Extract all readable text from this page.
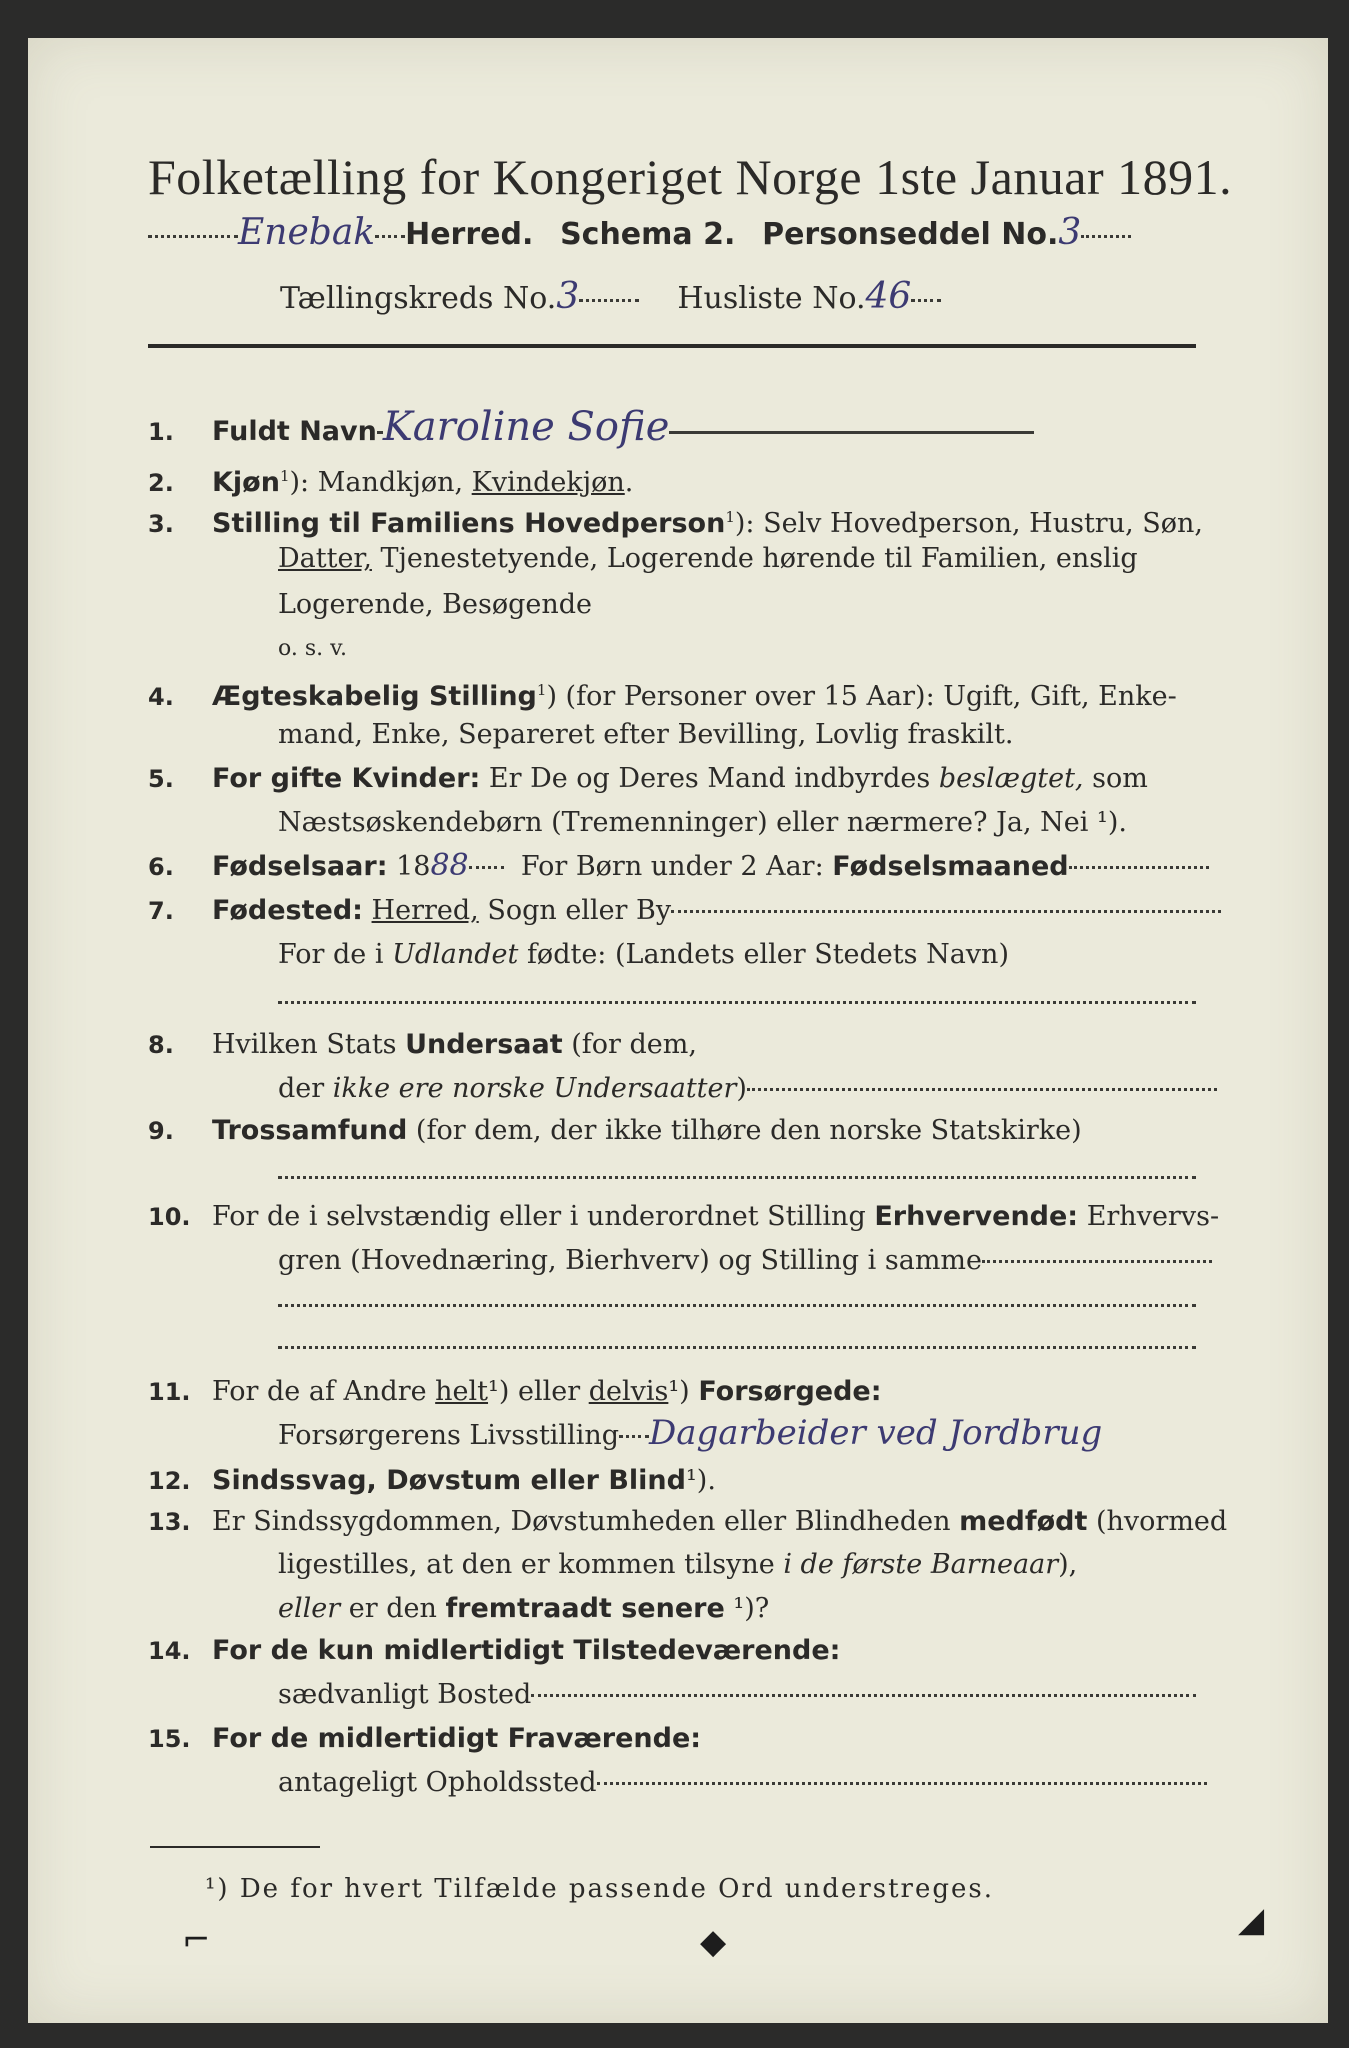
Folketælling for Kongeriget Norge 1ste Januar 1891.
Enebak Herred. Schema 2. Personseddel No.3
Tællingskreds No.3	Husliste No.46
1. Fuldt Navn Karoline Sofie
2. Kjøn$^1$): Mandkjøn, Kvindekjøn.
3. Stilling til Familiens Hovedperson$^1$): Selv Hovedperson, Hustru, Søn,
Datter, Tjenestetyende, Logerende hørende til Familien, enslig
Logerende, Besøgende
o. s. v.
4. Ægteskabelig Stilling$^1$) (for Personer over 15 Aar): Ugift, Gift, Enke-
mand, Enke, Separeret efter Bevilling, Lovlig fraskilt.
5. For gifte Kvinder: Er De og Deres Mand indbyrdes beslægtet, som
Næstsøskendebørn (Tremenninger) eller nærmere? Ja, Nei ¹).
6. Fødselsaar: 1888 For Børn under 2 Aar: Fødselsmaaned
7. Fødested: Herred, Sogn eller By
For de i Udlandet fødte: (Landets eller Stedets Navn)
8. Hvilken Stats Undersaat (for dem,
der ikke ere norske Undersaatter)
9. Trossamfund (for dem, der ikke tilhøre den norske Statskirke)
10. For de i selvstændig eller i underordnet Stilling Erhvervende: Erhvervs-
gren (Hovednæring, Bierhverv) og Stilling i samme
11. For de af Andre helt¹) eller delvis¹) Forsørgede:
Forsørgerens Livsstilling Dagarbeider ved Jordbrug
12. Sindssvag, Døvstum eller Blind¹).
13. Er Sindssygdommen, Døvstumheden eller Blindheden medfødt (hvormed
ligestilles, at den er kommen tilsyne i de første Barneaar),
eller er den fremtraadt senere ¹)?
14. For de kun midlertidigt Tilstedeværende:
sædvanligt Bosted
15. For de midlertidigt Fraværende:
antageligt Opholdssted
¹) De for hvert Tilfælde passende Ord understreges.
⌐	◆
◢
